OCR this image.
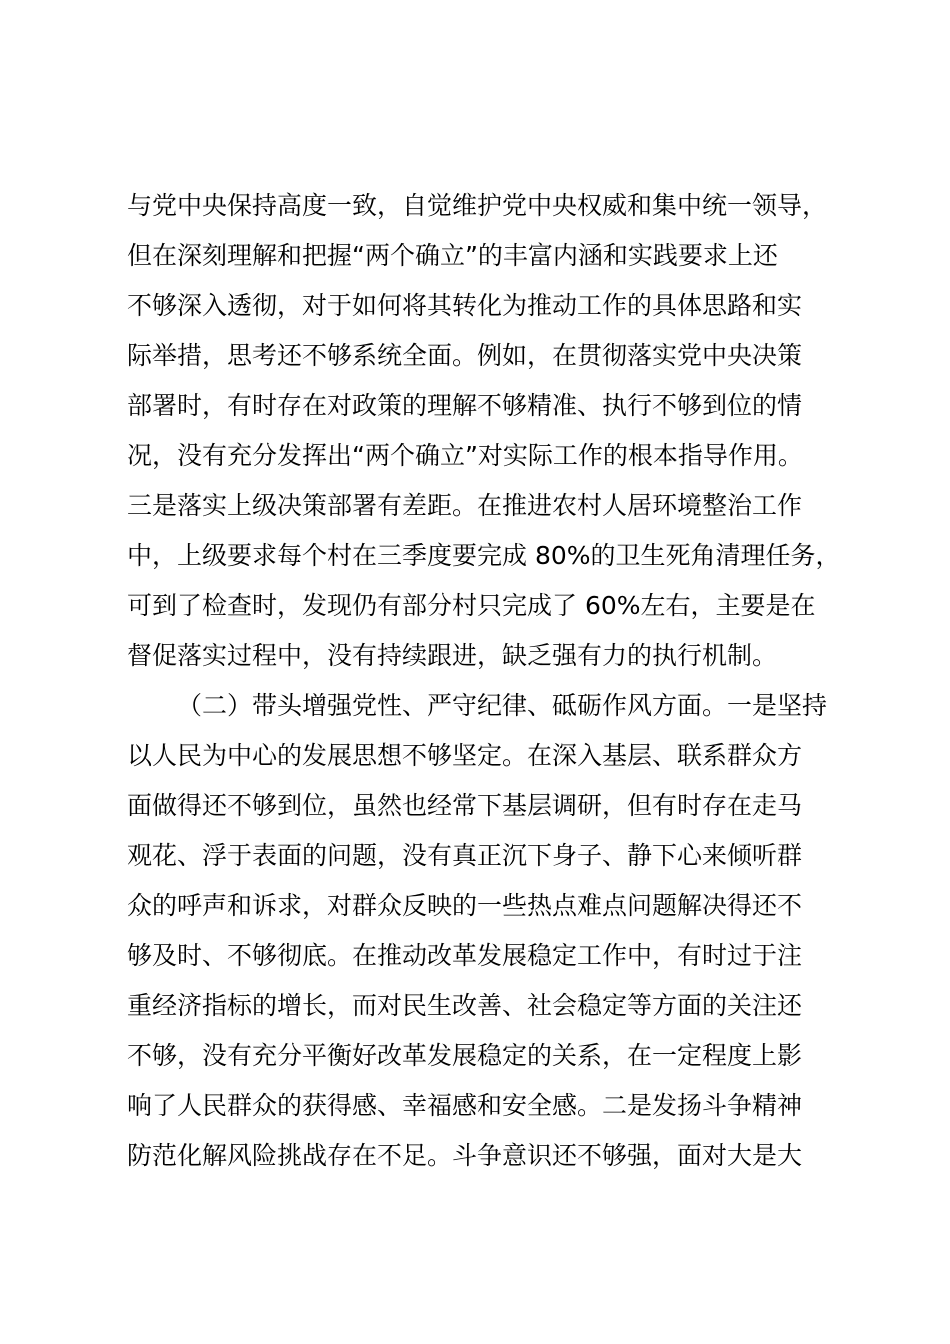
与党中央保持高度一致，自觉维护党中央权威和集中统一领导，
但在深刻理解和把握“两个确立”的丰富内涵和实践要求上还
不够深入透彻，对于如何将其转化为推动工作的具体思路和实
际举措，思考还不够系统全面。例如，在贯彻落实党中央决策
部署时，有时存在对政策的理解不够精准、执行不够到位的情
况，没有充分发挥出“两个确立”对实际工作的根本指导作用。
三是落实上级决策部署有差距。在推进农村人居环境整治工作
中，上级要求每个村在三季度要完成 80%的卫生死角清理任务，
可到了检查时，发现仍有部分村只完成了 60%左右，主要是在
督促落实过程中，没有持续跟进，缺乏强有力的执行机制。
（二）带头增强党性、严守纪律、砥砺作风方面。一是坚持
以人民为中心的发展思想不够坚定。在深入基层、联系群众方
面做得还不够到位，虽然也经常下基层调研，但有时存在走马
观花、浮于表面的问题，没有真正沉下身子、静下心来倾听群
众的呼声和诉求，对群众反映的一些热点难点问题解决得还不
够及时、不够彻底。在推动改革发展稳定工作中，有时过于注
重经济指标的增长，而对民生改善、社会稳定等方面的关注还
不够，没有充分平衡好改革发展稳定的关系，在一定程度上影
响了人民群众的获得感、幸福感和安全感。二是发扬斗争精神
防范化解风险挑战存在不足。斗争意识还不够强，面对大是大
